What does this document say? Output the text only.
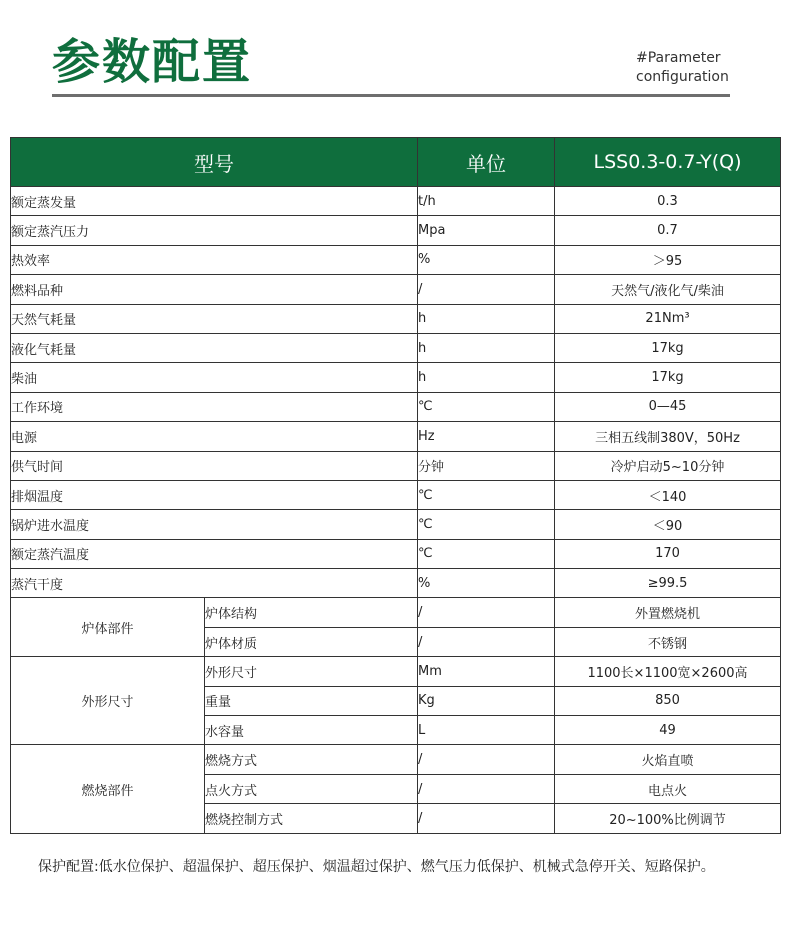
参数配置	#Parameter
configuration
型号		单位	LSS0.3-0.7-Y(Q)
额定蒸发量		t/h	0.3
额定蒸汽压力		Mpa	0.7
热效率		%	＞95
燃料品种		/	天然气/液化气/柴油
天然气耗量		h	21Nm³
液化气耗量		h	17kg
柴油		h	17kg
工作环境		℃	0—45
电源		Hz	三相五线制380V，50Hz
供气时间		分钟	冷炉启动5~10分钟
排烟温度		℃	＜140
锅炉进水温度		℃	＜90
额定蒸汽温度		℃	170
蒸汽干度		%	≥99.5
炉体部件	炉体结构	/	外置燃烧机
	炉体材质	/	不锈钢
外形尺寸	外形尺寸	Mm	1100长×1100宽×2600高
	重量	Kg	850
	水容量	L	49
燃烧部件	燃烧方式	/	火焰直喷
	点火方式	/	电点火
	燃烧控制方式	/	20~100%比例调节
保护配置:低水位保护、超温保护、超压保护、烟温超过保护、燃气压力低保护、机械式急停开关、短路保护。
